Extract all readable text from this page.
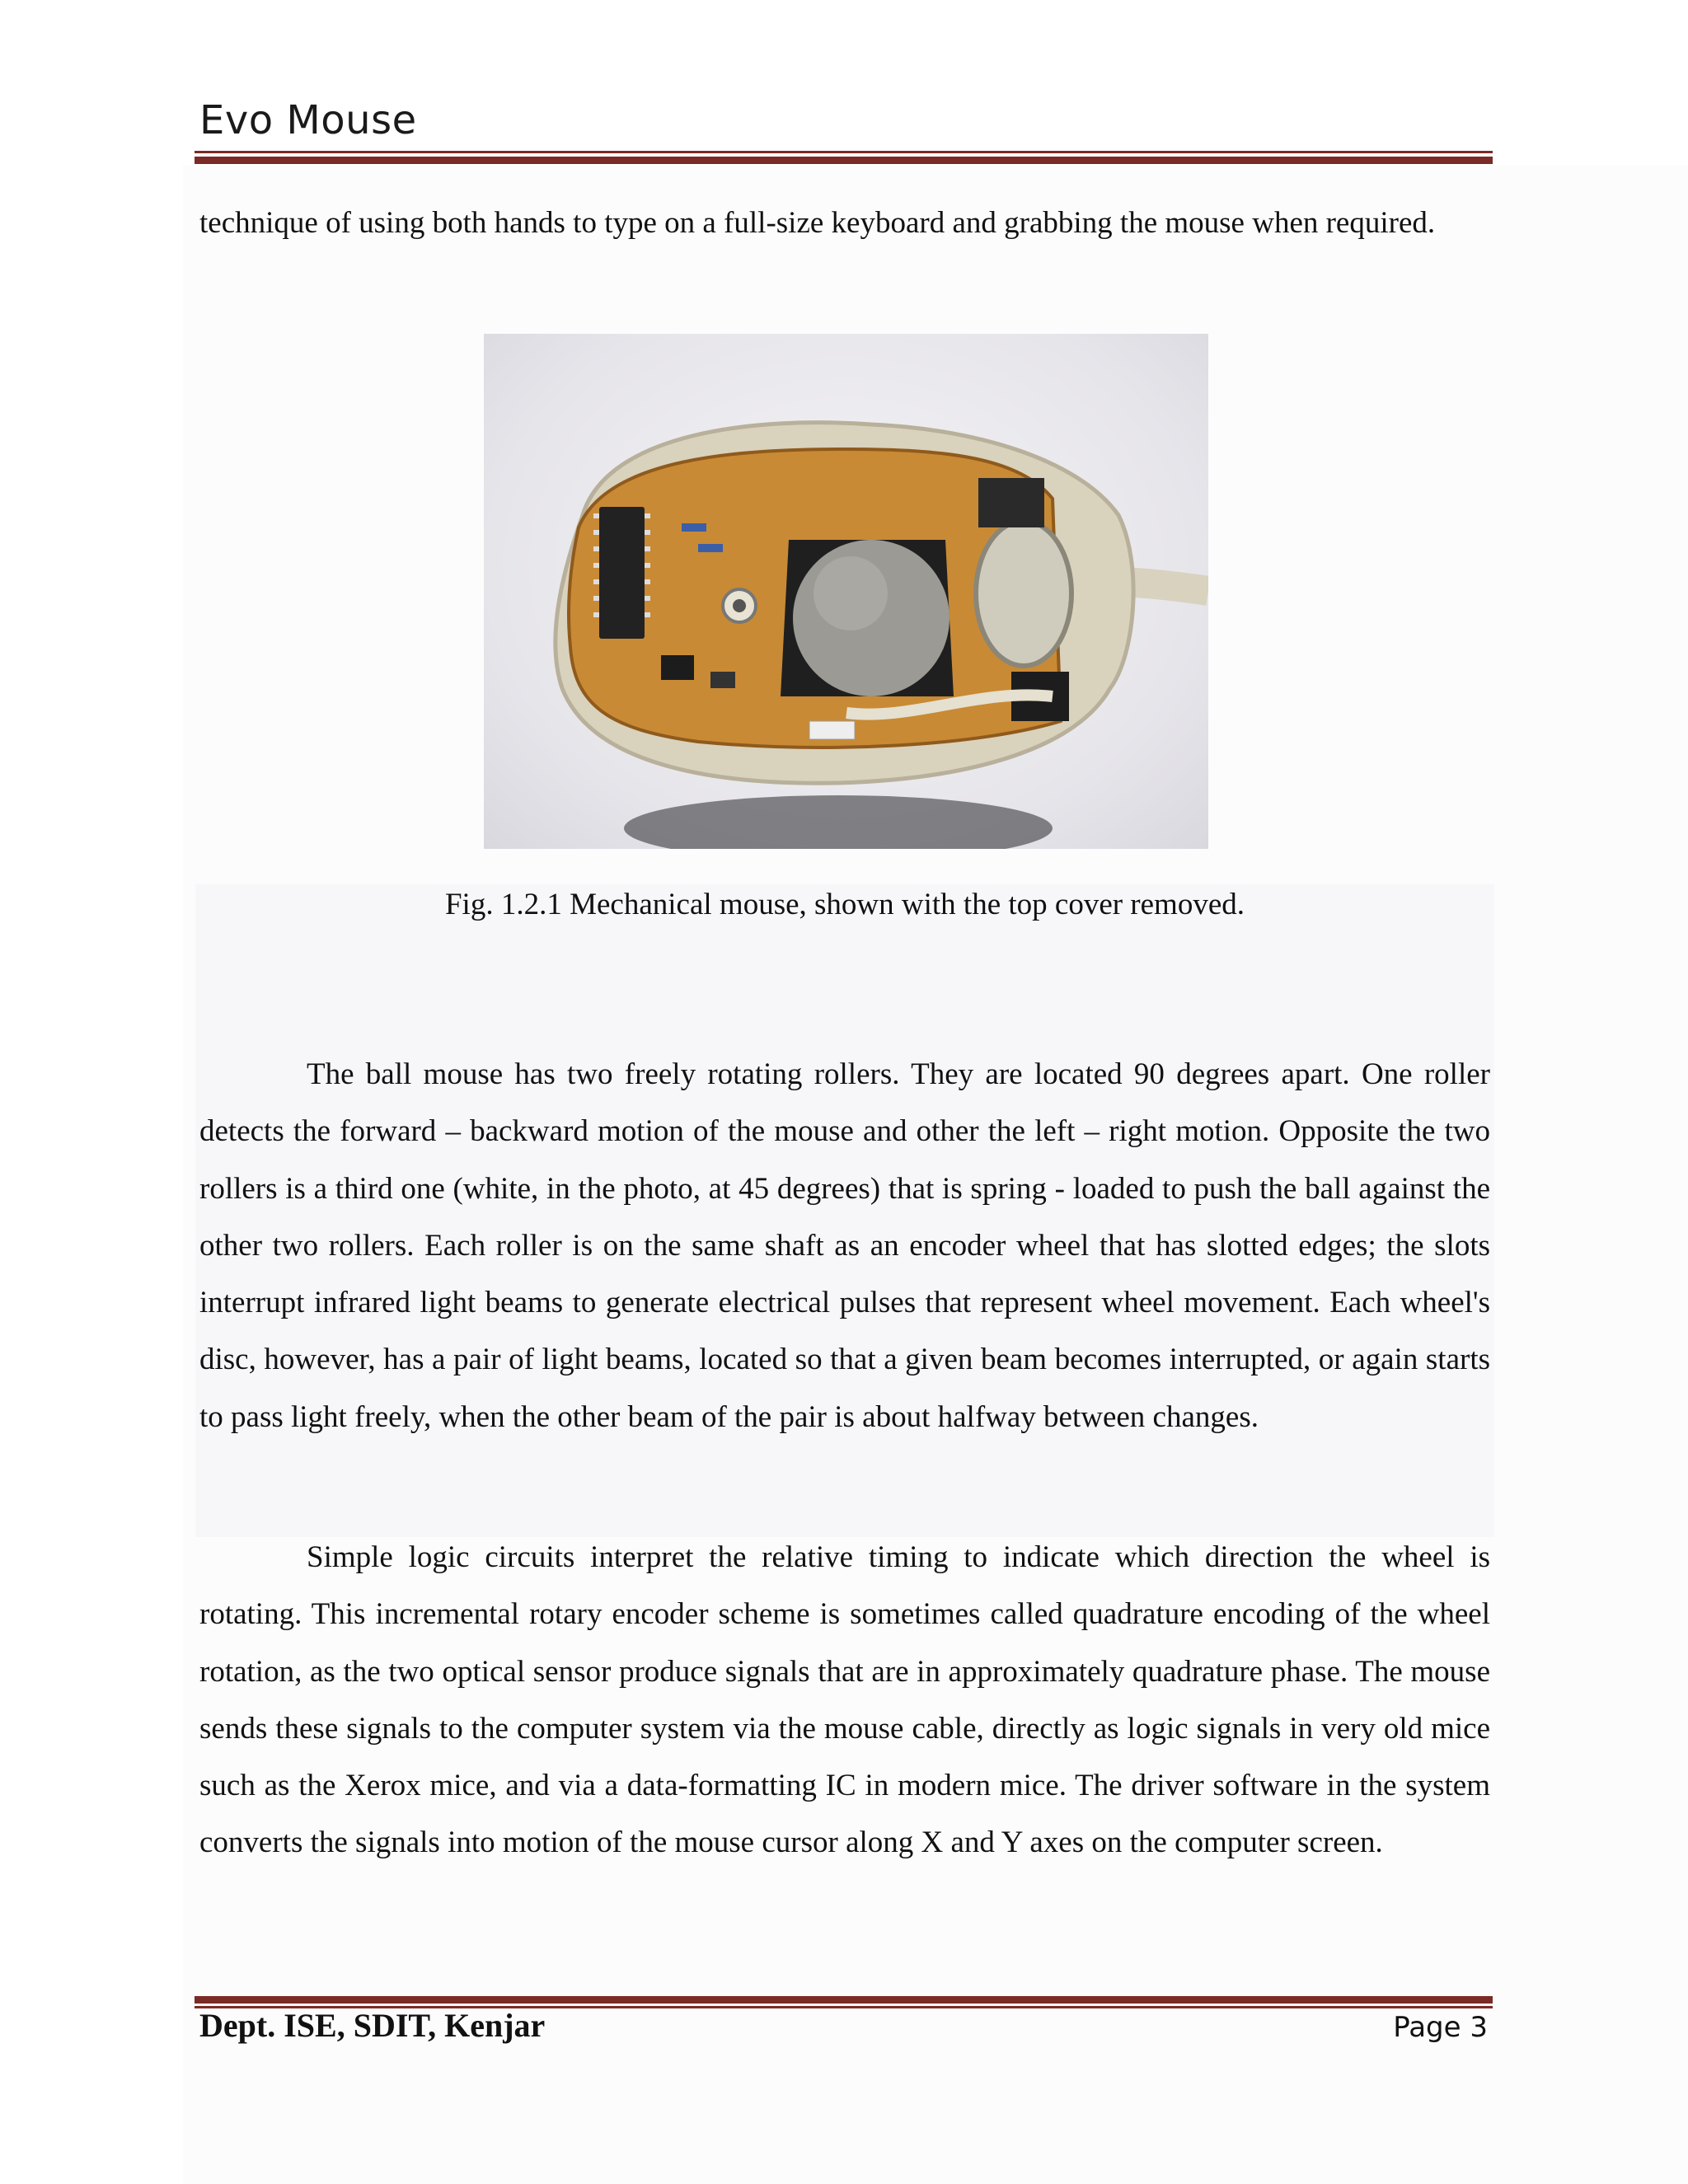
Evo Mouse

technique of using both hands to type on a full-size keyboard and grabbing the mouse when required.

Fig. 1.2.1 Mechanical mouse, shown with the top cover removed.

The ball mouse has two freely rotating rollers. They are located 90 degrees apart. One roller detects the forward – backward motion of the mouse and other the left – right motion. Opposite the two rollers is a third one (white, in the photo, at 45 degrees) that is spring - loaded to push the ball against the other two rollers. Each roller is on the same shaft as an encoder wheel that has slotted edges; the slots interrupt infrared light beams to generate electrical pulses that represent wheel movement. Each wheel's disc, however, has a pair of light beams, located so that a given beam becomes interrupted, or again starts to pass light freely, when the other beam of the pair is about halfway between changes.

Simple logic circuits interpret the relative timing to indicate which direction the wheel is rotating. This incremental rotary encoder scheme is sometimes called quadrature encoding of the wheel rotation, as the two optical sensor produce signals that are in approximately quadrature phase. The mouse sends these signals to the computer system via the mouse cable, directly as logic signals in very old mice such as the Xerox mice, and via a data-formatting IC in modern mice. The driver software in the system converts the signals into motion of the mouse cursor along X and Y axes on the computer screen.

Dept. ISE, SDIT, Kenjar	Page 3
